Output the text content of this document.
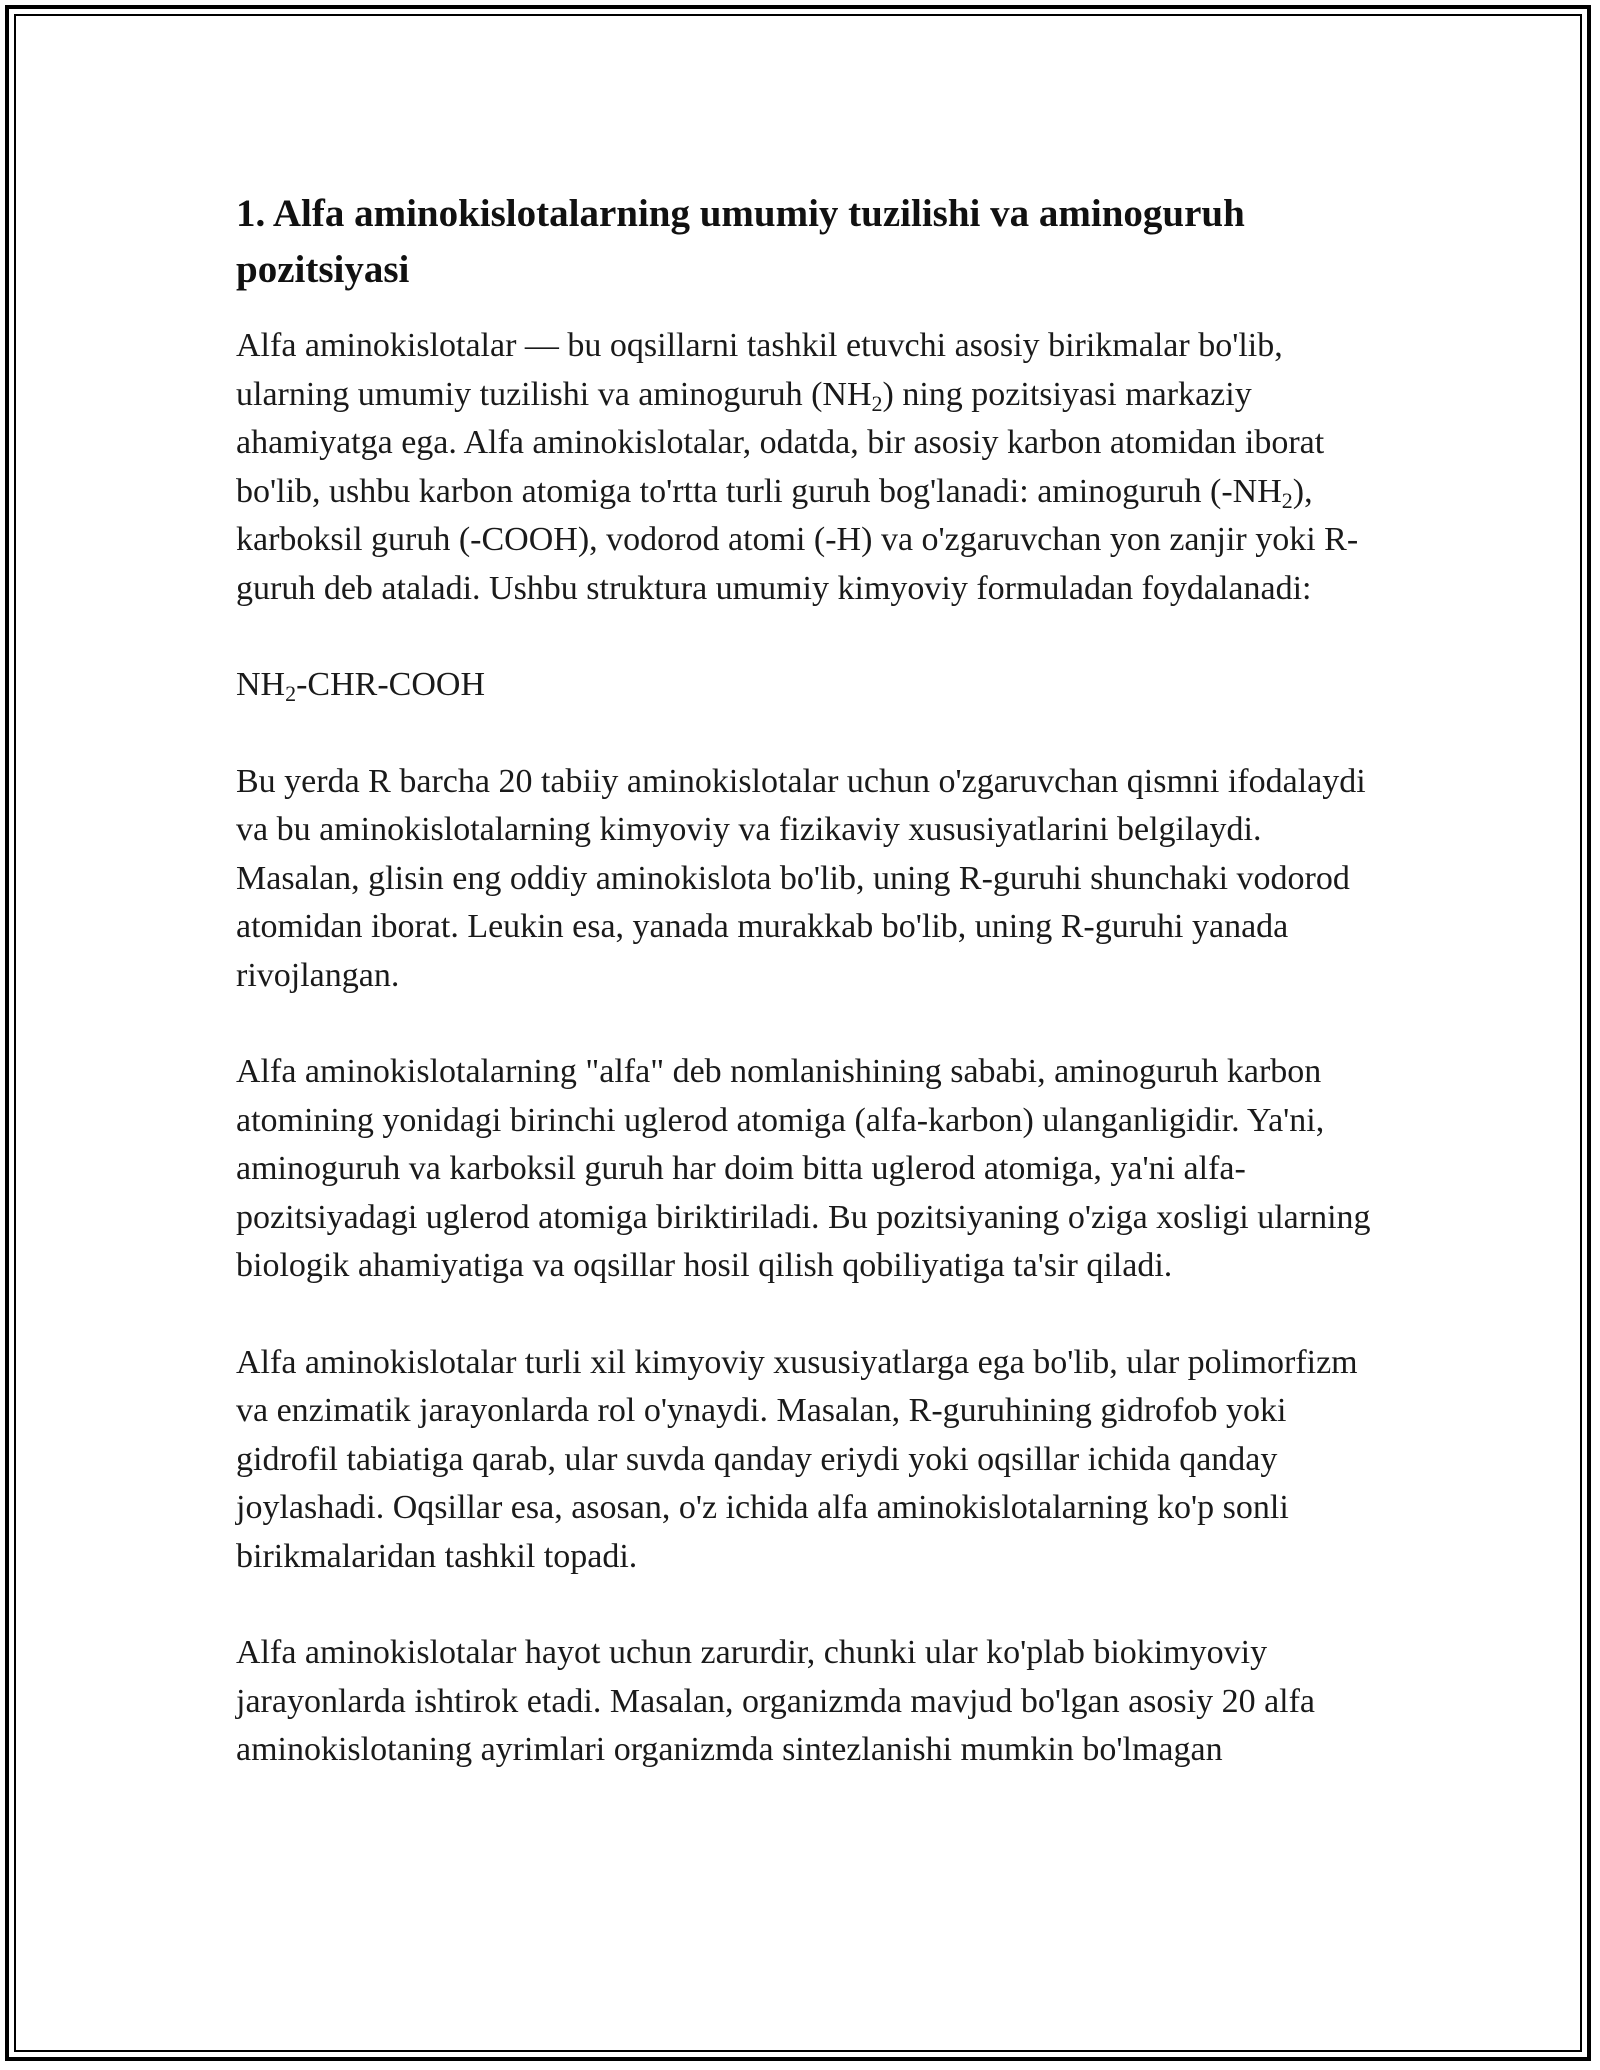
1. Alfa aminokislotalarning umumiy tuzilishi va aminoguruh pozitsiyasi

Alfa aminokislotalar — bu oqsillarni tashkil etuvchi asosiy birikmalar bo'lib, ularning umumiy tuzilishi va aminoguruh $(NH_2)$ ning pozitsiyasi markaziy ahamiyatga ega. Alfa aminokislotalar, odatda, bir asosiy karbon atomidan iborat bo'lib, ushbu karbon atomiga to'rtta turli guruh bog'lanadi: aminoguruh $(-NH_2)$, karboksil guruh (-COOH), vodorod atomi (-H) va o'zgaruvchan yon zanjir yoki R-guruh deb ataladi. Ushbu struktura umumiy kimyoviy formuladan foydalanadi:

$NH_2-CHR$-COOH

Bu yerda R barcha 20 tabiiy aminokislotalar uchun o'zgaruvchan qismni ifodalaydi va bu aminokislotalarning kimyoviy va fizikaviy xususiyatlarini belgilaydi. Masalan, glisin eng oddiy aminokislota bo'lib, uning R-guruhi shunchaki vodorod atomidan iborat. Leukin esa, yanada murakkab bo'lib, uning R-guruhi yanada rivojlangan.

Alfa aminokislotalarning "alfa" deb nomlanishining sababi, aminoguruh karbon atomining yonidagi birinchi uglerod atomiga (alfa-karbon) ulanganligidir. Ya'ni, aminoguruh va karboksil guruh har doim bitta uglerod atomiga, ya'ni alfa-pozitsiyadagi uglerod atomiga biriktiriladi. Bu pozitsiyaning o'ziga xosligi ularning biologik ahamiyatiga va oqsillar hosil qilish qobiliyatiga ta'sir qiladi.

Alfa aminokislotalar turli xil kimyoviy xususiyatlarga ega bo'lib, ular polimorfizm va enzimatik jarayonlarda rol o'ynaydi. Masalan, R-guruhining gidrofob yoki gidrofil tabiatiga qarab, ular suvda qanday eriydi yoki oqsillar ichida qanday joylashadi. Oqsillar esa, asosan, o'z ichida alfa aminokislotalarning ko'p sonli birikmalaridan tashkil topadi.

Alfa aminokislotalar hayot uchun zarurdir, chunki ular ko'plab biokimyoviy jarayonlarda ishtirok etadi. Masalan, organizmda mavjud bo'lgan asosiy 20 alfa aminokislotaning ayrimlari organizmda sintezlanishi mumkin bo'lmagan
